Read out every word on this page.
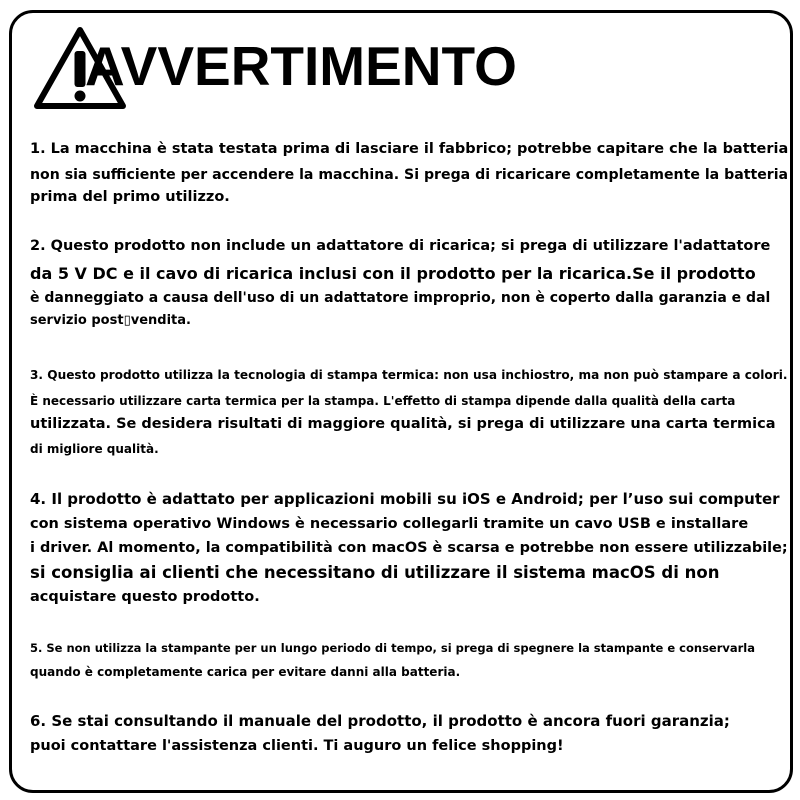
AVVERTIMENTO
1. La macchina è stata testata prima di lasciare il fabbrico; potrebbe capitare che la batteria
non sia sufficiente per accendere la macchina. Si prega di ricaricare completamente la batteria
prima del primo utilizzo.
2. Questo prodotto non include un adattatore di ricarica; si prega di utilizzare l'adattatore
da 5 V DC e il cavo di ricarica inclusi con il prodotto per la ricarica.Se il prodotto
è danneggiato a causa dell'uso di un adattatore improprio, non è coperto dalla garanzia e dal
servizio post▯vendita.
3. Questo prodotto utilizza la tecnologia di stampa termica: non usa inchiostro, ma non può stampare a colori.
È necessario utilizzare carta termica per la stampa. L'effetto di stampa dipende dalla qualità della carta
utilizzata. Se desidera risultati di maggiore qualità, si prega di utilizzare una carta termica
di migliore qualità.
4. Il prodotto è adattato per applicazioni mobili su iOS e Android; per l’uso sui computer
con sistema operativo Windows è necessario collegarli tramite un cavo USB e installare
i driver. Al momento, la compatibilità con macOS è scarsa e potrebbe non essere utilizzabile;
si consiglia ai clienti che necessitano di utilizzare il sistema macOS di non
acquistare questo prodotto.
5. Se non utilizza la stampante per un lungo periodo di tempo, si prega di spegnere la stampante e conservarla
quando è completamente carica per evitare danni alla batteria.
6. Se stai consultando il manuale del prodotto, il prodotto è ancora fuori garanzia;
puoi contattare l'assistenza clienti. Ti auguro un felice shopping!
